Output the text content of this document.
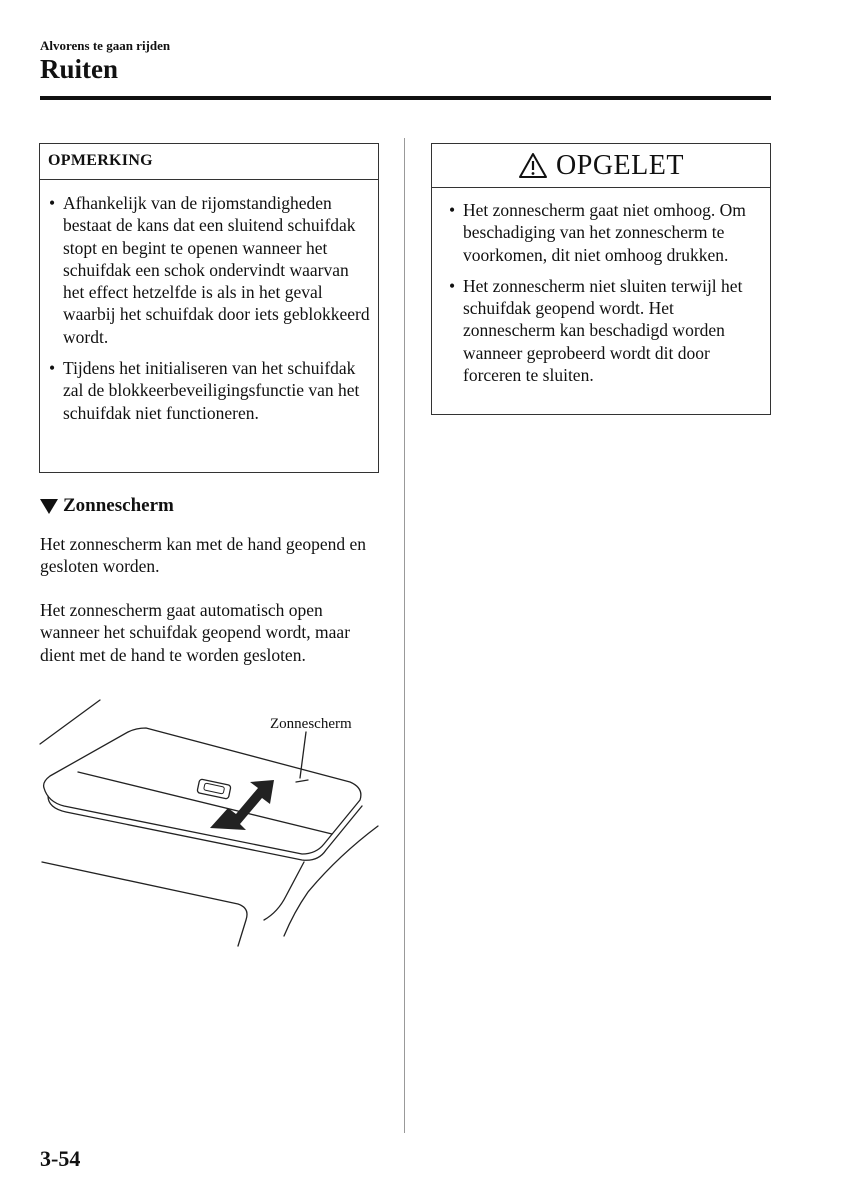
Alvorens te gaan rijden
Ruiten
OPMERKING
• Afhankelijk van de rijomstandigheden bestaat de kans dat een sluitend schuifdak stopt en begint te openen wanneer het schuifdak een schok ondervindt waarvan het effect hetzelfde is als in het geval waarbij het schuifdak door iets geblokkeerd wordt.
• Tijdens het initialiseren van het schuifdak zal de blokkeerbeveiligingsfunctie van het schuifdak niet functioneren.
OPGELET
• Het zonnescherm gaat niet omhoog. Om beschadiging van het zonnescherm te voorkomen, dit niet omhoog drukken.
• Het zonnescherm niet sluiten terwijl het schuifdak geopend wordt. Het zonnescherm kan beschadigd worden wanneer geprobeerd wordt dit door forceren te sluiten.
Zonnescherm

Het zonnescherm kan met de hand geopend en gesloten worden.

Het zonnescherm gaat automatisch open wanneer het schuifdak geopend wordt, maar dient met de hand te worden gesloten.

Zonnescherm
3-54
